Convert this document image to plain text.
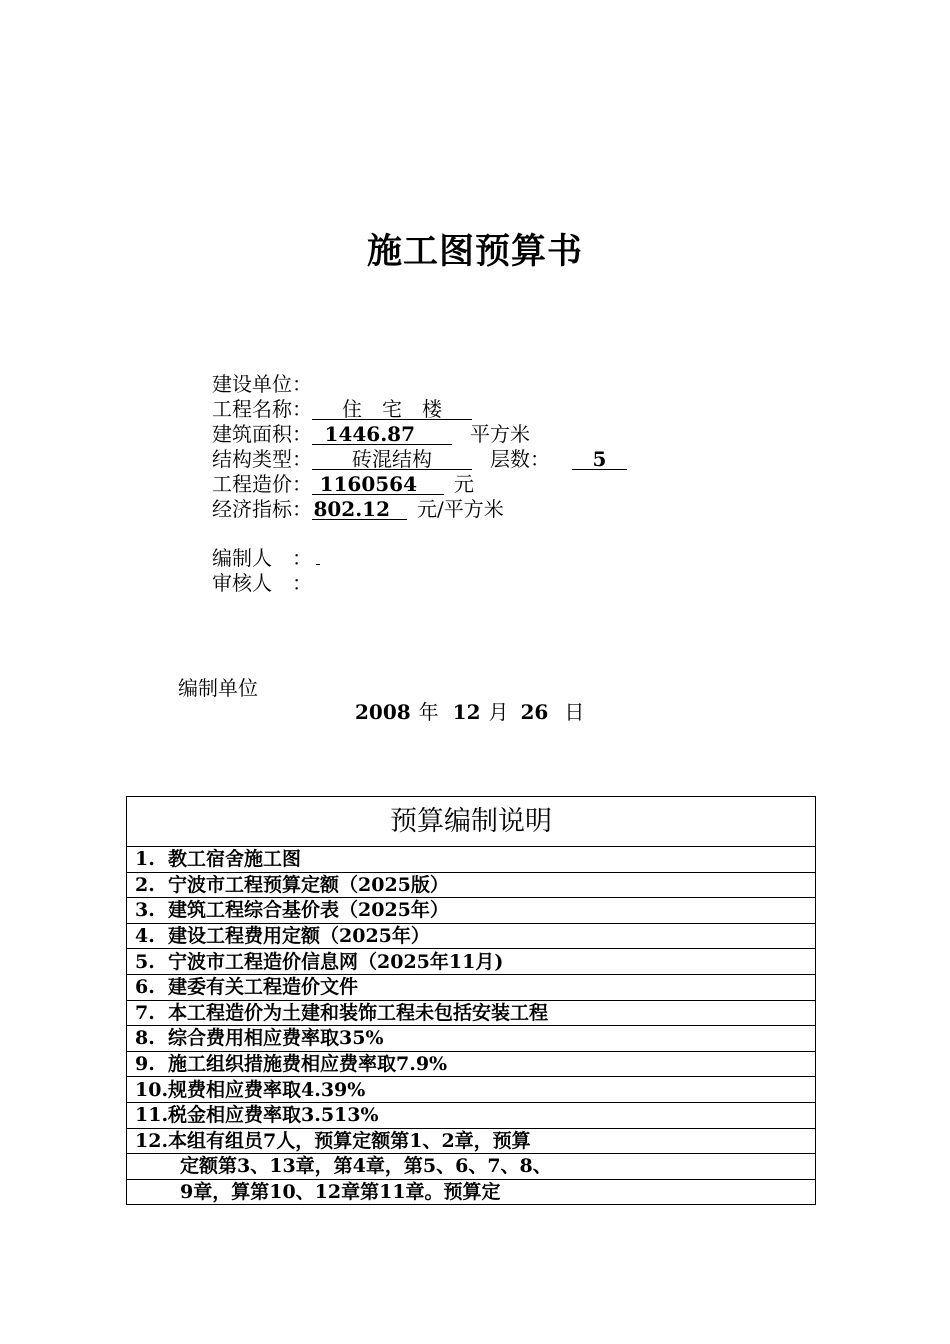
施工图预算书
建设单位：
工程名称： 住　宅　楼
建筑面积： 1446.87	平方米
结构类型： 砖混结构	层数： 5
工程造价： 1160564 元
经济指标：802.12 元/平方米
编制人　：
审核人　：
编制单位
2008 年 12 月 26 日
预算编制说明
1. 教工宿舍施工图
2. 宁波市工程预算定额（2025版）
3. 建筑工程综合基价表（2025年）
4. 建设工程费用定额（2025年）
5. 宁波市工程造价信息网（2025年11月)
6. 建委有关工程造价文件
7. 本工程造价为土建和装饰工程未包括安装工程
8. 综合费用相应费率取35%
9. 施工组织措施费相应费率取7.9%
10.规费相应费率取4.39%
11.税金相应费率取3.513%
12.本组有组员7人，预算定额第1、2章，预算
定额第3、13章，第4章，第5、6、7、8、
9章，算第10、12章第11章。预算定
